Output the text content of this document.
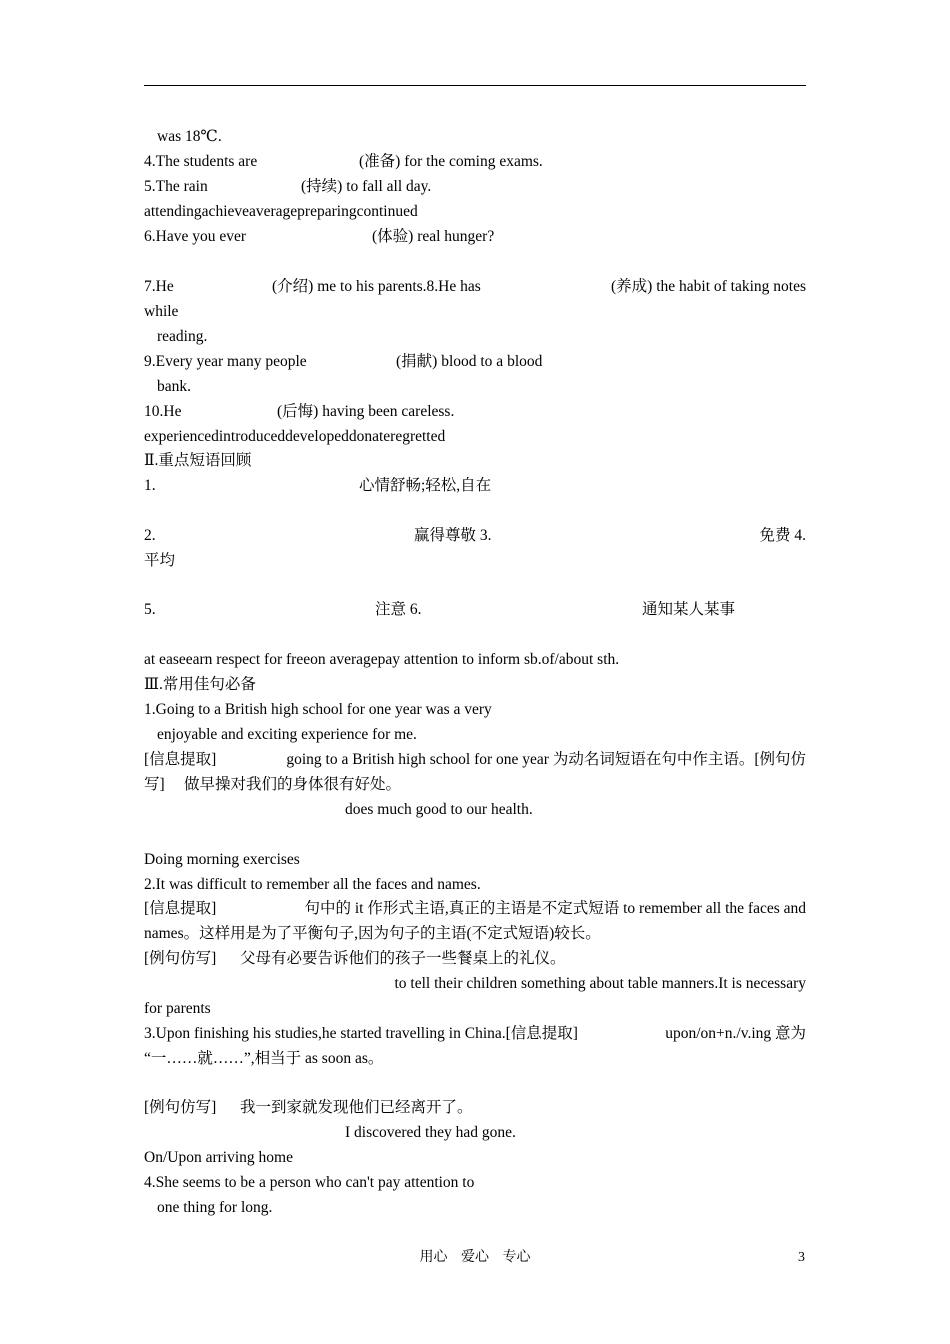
was 18℃.
4.The students are	(准备) for the coming exams.
5.The rain	(持续) to fall all day.
attendingachieveaveragepreparingcontinued
6.Have you ever	(体验) real hunger?
7.He	(介绍) me to his parents.8.He has	(养成) the habit of taking notes
while
reading.
9.Every year many people	(捐献) blood to a blood
bank.
10.He	(后悔) having been careless.
experiencedintroduceddevelopeddonateregretted
Ⅱ.重点短语回顾
1.	心情舒畅;轻松,自在
2.	赢得尊敬 3.	免费 4.
平均
5.	注意 6.	通知某人某事
at easeearn respect for freeon averagepay attention to inform sb.of/about sth.
Ⅲ.常用佳句必备
1.Going to a British high school for one year was a very
enjoyable and exciting experience for me.
[信息提取]	going to a British high school for one year 为动名词短语在句中作主语。[例句仿
写] 做早操对我们的身体很有好处。
does much good to our health.
Doing morning exercises
2.It was difficult to remember all the faces and names.
[信息提取]	句中的 it 作形式主语,真正的主语是不定式短语 to remember all the faces and
names。这样用是为了平衡句子,因为句子的主语(不定式短语)较长。
[例句仿写] 父母有必要告诉他们的孩子一些餐桌上的礼仪。
to tell their children something about table manners.It is necessary
for parents
3.Upon finishing his studies,he started travelling in China.[信息提取]	upon/on+n./v.ing 意为
“一……就……”,相当于 as soon as。
[例句仿写] 我一到家就发现他们已经离开了。
I discovered they had gone.
On/Upon arriving home
4.She seems to be a person who can't pay attention to
one thing for long.
用心 爱心 专心	3
